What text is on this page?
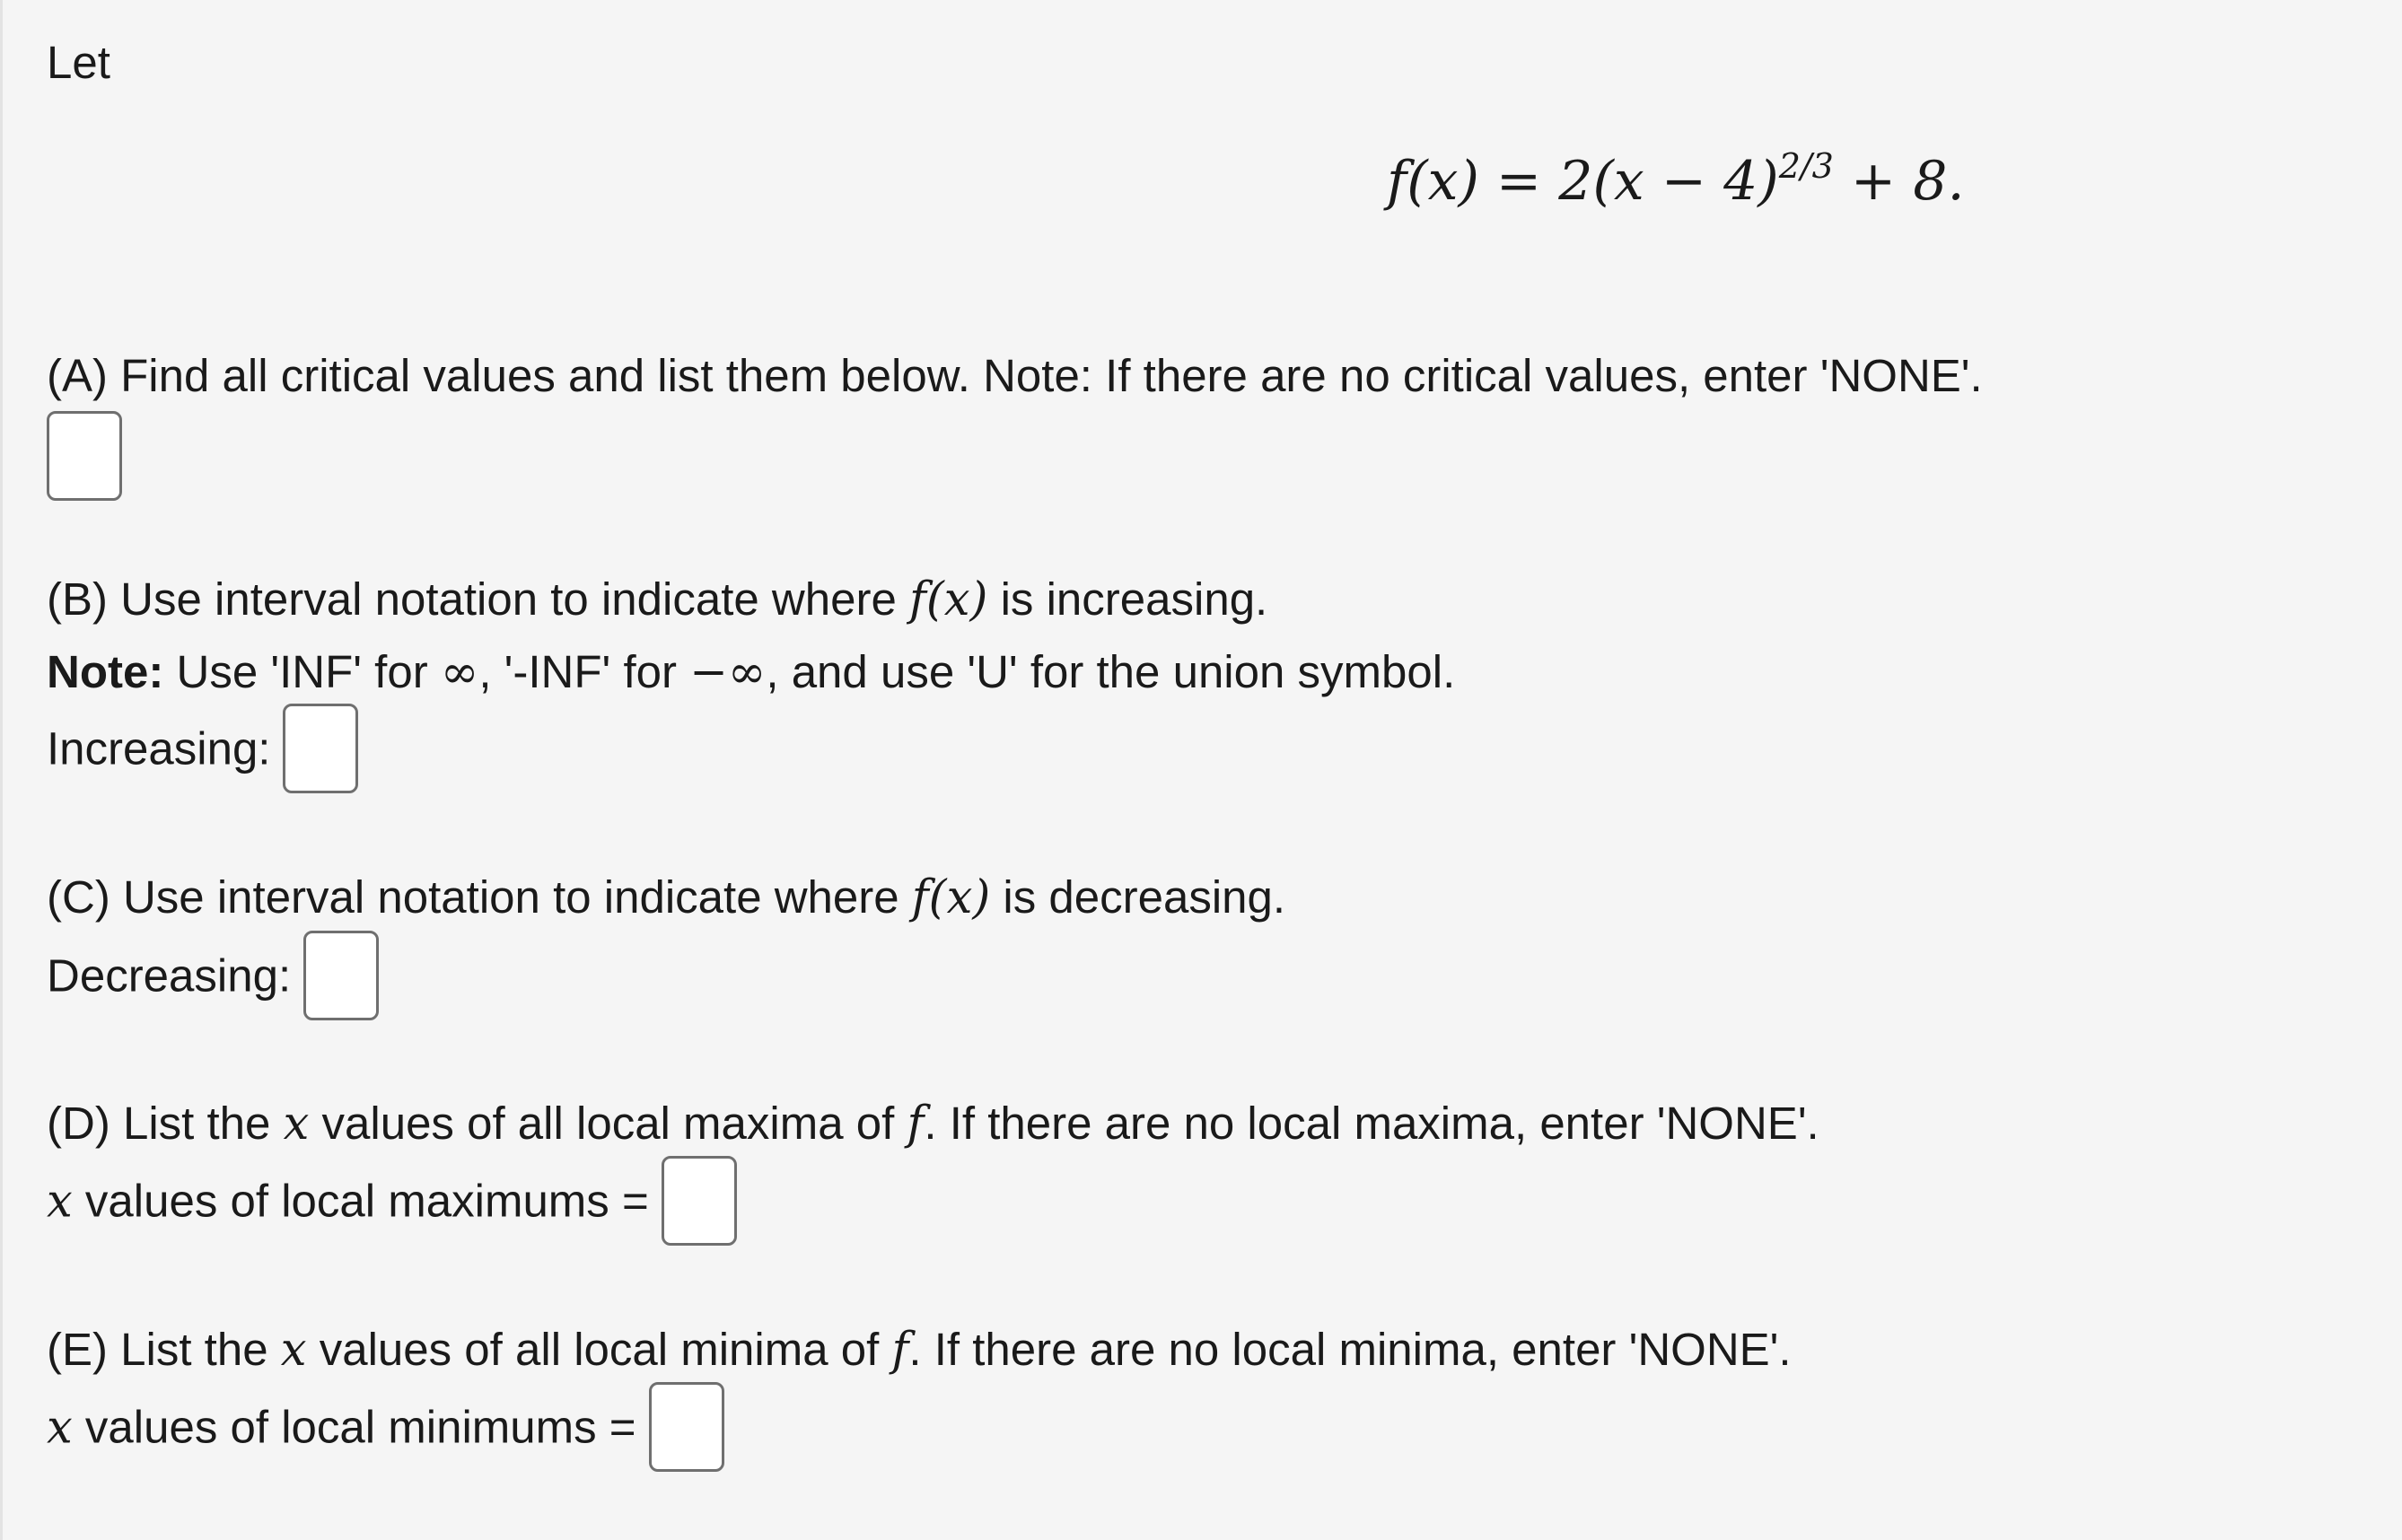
Let
$f(x) = 2(x - 4)^{2/3} + 8$.
(A) Find all critical values and list them below. Note: If there are no critical values, enter 'NONE'.
(B) Use interval notation to indicate where f(x) is increasing.
Note: Use 'INF' for ∞, '-INF' for −∞, and use 'U' for the union symbol.
Increasing:
(C) Use interval notation to indicate where f(x) is decreasing.
Decreasing:
(D) List the x values of all local maxima of f. If there are no local maxima, enter 'NONE'.
x values of local maximums =
(E) List the x values of all local minima of f. If there are no local minima, enter 'NONE'.
x values of local minimums =
